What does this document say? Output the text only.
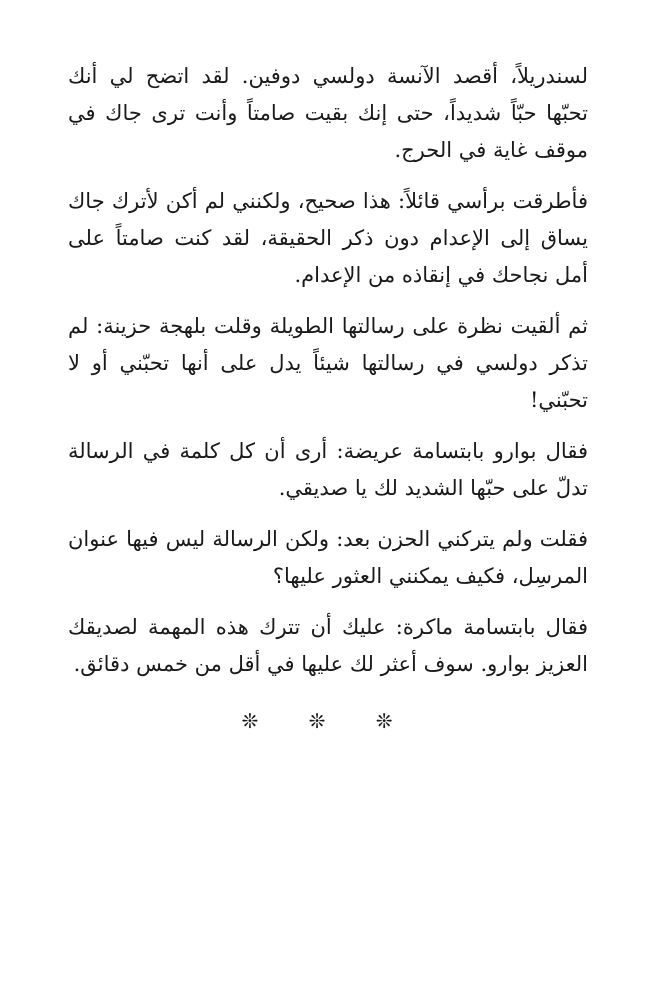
لسندريلاً، أقصد الآنسة دولسي دوفين. لقد اتضح لي أنك تحبّها حبّاً شديداً، حتى إنك بقيت صامتاً وأنت ترى جاك في موقف غاية في الحرج.

فأطرقت برأسي قائلاً: هذا صحيح، ولكنني لم أكن لأترك جاك يساق إلى الإعدام دون ذكر الحقيقة، لقد كنت صامتاً على أمل نجاحك في إنقاذه من الإعدام.

ثم ألقيت نظرة على رسالتها الطويلة وقلت بلهجة حزينة: لم تذكر دولسي في رسالتها شيئاً يدل على أنها تحبّني أو لا تحبّني!

فقال بوارو بابتسامة عريضة: أرى أن كل كلمة في الرسالة تدلّ على حبّها الشديد لك يا صديقي.

فقلت ولم يتركني الحزن بعد: ولكن الرسالة ليس فيها عنوان المرسِل، فكيف يمكنني العثور عليها؟

فقال بابتسامة ماكرة: عليك أن تترك هذه المهمة لصديقك العزيز بوارو. سوف أعثر لك عليها في أقل من خمس دقائق.

❊ ❊ ❊
